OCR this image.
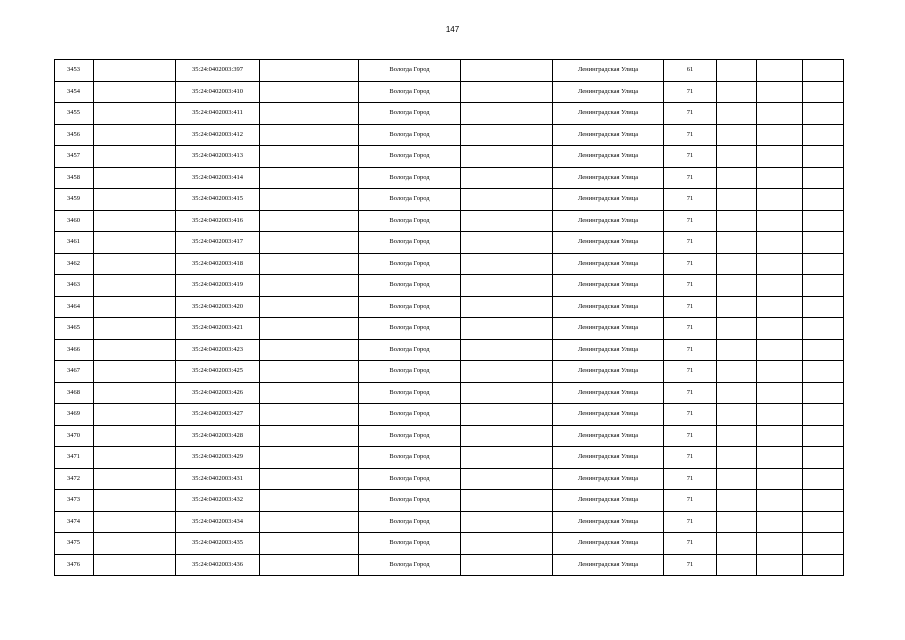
147
3453		35:24:0402003:397		Вологда Город		Ленинградская Улица	61			
3454		35:24:0402003:410		Вологда Город		Ленинградская Улица	71			
3455		35:24:0402003:411		Вологда Город		Ленинградская Улица	71			
3456		35:24:0402003:412		Вологда Город		Ленинградская Улица	71			
3457		35:24:0402003:413		Вологда Город		Ленинградская Улица	71			
3458		35:24:0402003:414		Вологда Город		Ленинградская Улица	71			
3459		35:24:0402003:415		Вологда Город		Ленинградская Улица	71			
3460		35:24:0402003:416		Вологда Город		Ленинградская Улица	71			
3461		35:24:0402003:417		Вологда Город		Ленинградская Улица	71			
3462		35:24:0402003:418		Вологда Город		Ленинградская Улица	71			
3463		35:24:0402003:419		Вологда Город		Ленинградская Улица	71			
3464		35:24:0402003:420		Вологда Город		Ленинградская Улица	71			
3465		35:24:0402003:421		Вологда Город		Ленинградская Улица	71			
3466		35:24:0402003:423		Вологда Город		Ленинградская Улица	71			
3467		35:24:0402003:425		Вологда Город		Ленинградская Улица	71			
3468		35:24:0402003:426		Вологда Город		Ленинградская Улица	71			
3469		35:24:0402003:427		Вологда Город		Ленинградская Улица	71			
3470		35:24:0402003:428		Вологда Город		Ленинградская Улица	71			
3471		35:24:0402003:429		Вологда Город		Ленинградская Улица	71			
3472		35:24:0402003:431		Вологда Город		Ленинградская Улица	71			
3473		35:24:0402003:432		Вологда Город		Ленинградская Улица	71			
3474		35:24:0402003:434		Вологда Город		Ленинградская Улица	71			
3475		35:24:0402003:435		Вологда Город		Ленинградская Улица	71			
3476		35:24:0402003:436		Вологда Город		Ленинградская Улица	71			
